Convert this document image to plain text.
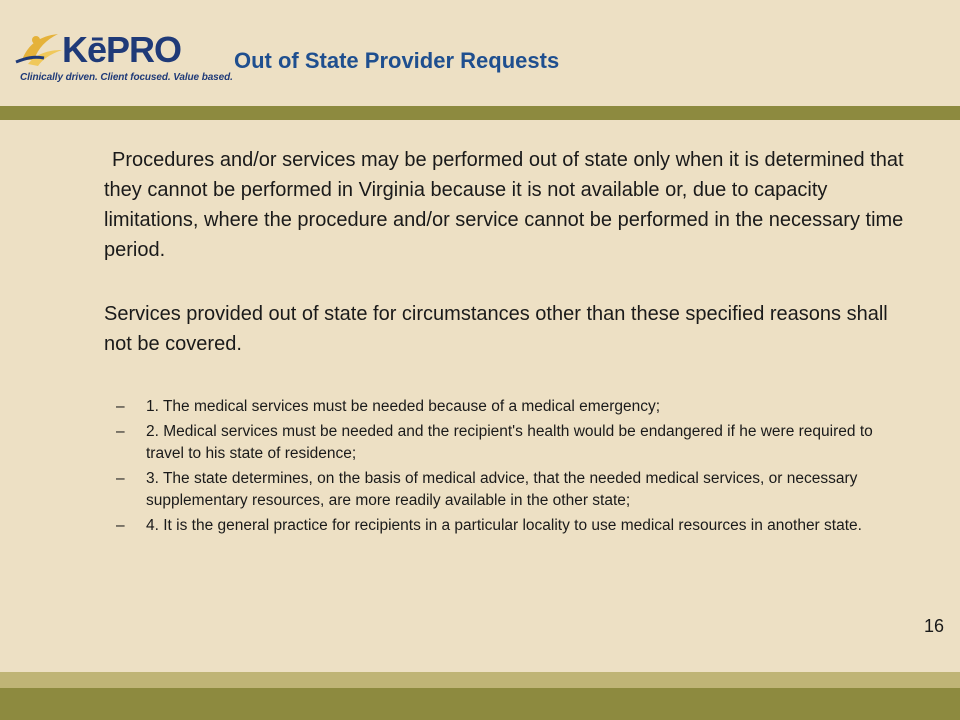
KēPRO
Clinically driven. Client focused. Value based.
Out of State Provider Requests
Procedures and/or services may be performed out of state only when it is determined that they cannot be performed in Virginia because it is not available or, due to capacity limitations, where the procedure and/or service cannot be performed in the necessary time period.
Services provided out of state for circumstances other than these specified reasons shall not be covered.
–	1. The medical services must be needed because of a medical emergency;
–	2. Medical services must be needed and the recipient's health would be endangered if he were required to travel to his state of residence;
–	3. The state determines, on the basis of medical advice, that the needed medical services, or necessary supplementary resources, are more readily available in the other state;
–	4. It is the general practice for recipients in a particular locality to use medical resources in another state.
16
